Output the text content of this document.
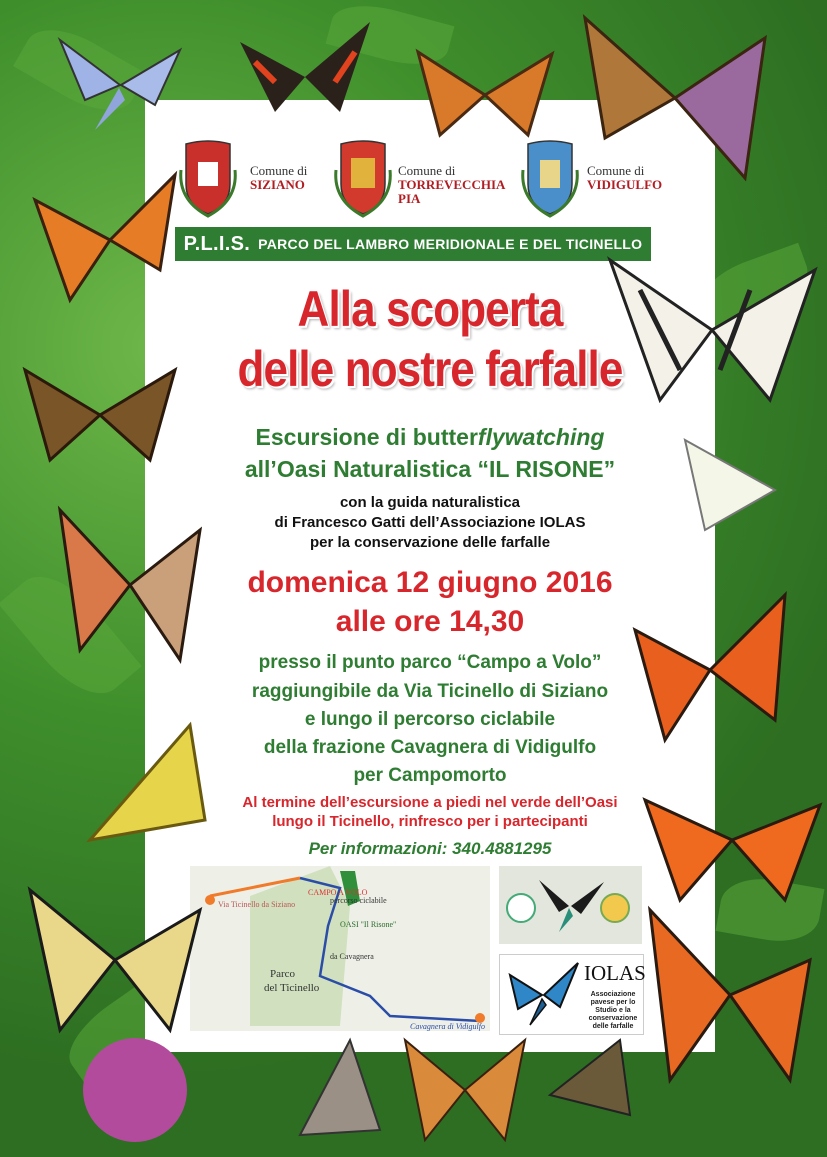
Comune di
SIZIANO
Comune di
TORREVECCHIA
PIA
Comune di
VIDIGULFO
P.L.I.S. PARCO DEL LAMBRO MERIDIONALE E DEL TICINELLO
Alla scoperta
delle nostre farfalle
Escursione di butterflywatching
all’Oasi Naturalistica “IL RISONE”
con la guida naturalistica
di Francesco Gatti dell’Associazione IOLAS
per la conservazione delle farfalle
domenica 12 giugno 2016
alle ore 14,30
presso il punto parco “Campo a Volo”
raggiungibile da Via Ticinello di Siziano
e lungo il percorso ciclabile
della frazione Cavagnera di Vidigulfo
per Campomorto
Al termine dell’escursione a piedi nel verde dell’Oasi
lungo il Ticinello, rinfresco per i partecipanti
Per informazioni: 340.4881295
Via Ticinello da Siziano
CAMPO A VOLO
OASI "Il Risone"
percorso ciclabile
da Cavagnera
Parco
del Ticinello
Cavagnera di Vidigulfo
IOLAS
Associazione pavese per lo Studio e la conservazione delle farfalle
